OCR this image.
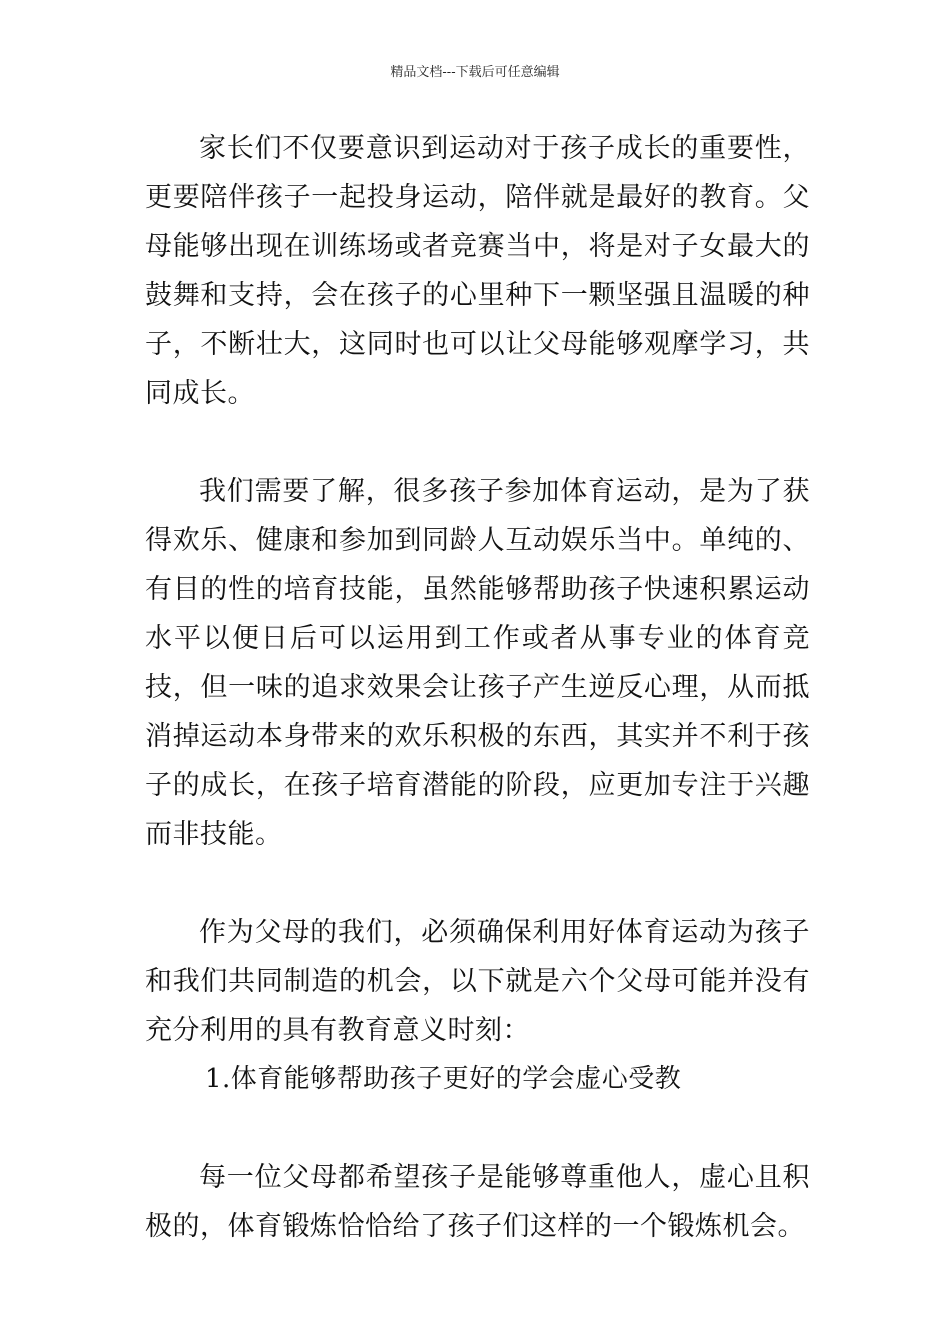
精品文档---下载后可任意编辑

家长们不仅要意识到运动对于孩子成长的重要性，更要陪伴孩子一起投身运动，陪伴就是最好的教育。父母能够出现在训练场或者竞赛当中，将是对子女最大的鼓舞和支持，会在孩子的心里种下一颗坚强且温暖的种子，不断壮大，这同时也可以让父母能够观摩学习，共同成长。

我们需要了解，很多孩子参加体育运动，是为了获得欢乐、健康和参加到同龄人互动娱乐当中。单纯的、有目的性的培育技能，虽然能够帮助孩子快速积累运动水平以便日后可以运用到工作或者从事专业的体育竞技，但一味的追求效果会让孩子产生逆反心理，从而抵消掉运动本身带来的欢乐积极的东西，其实并不利于孩子的成长，在孩子培育潜能的阶段，应更加专注于兴趣而非技能。

作为父母的我们，必须确保利用好体育运动为孩子和我们共同制造的机会，以下就是六个父母可能并没有充分利用的具有教育意义时刻：

1.体育能够帮助孩子更好的学会虚心受教

每一位父母都希望孩子是能够尊重他人，虚心且积极的，体育锻炼恰恰给了孩子们这样的一个锻炼机会。
